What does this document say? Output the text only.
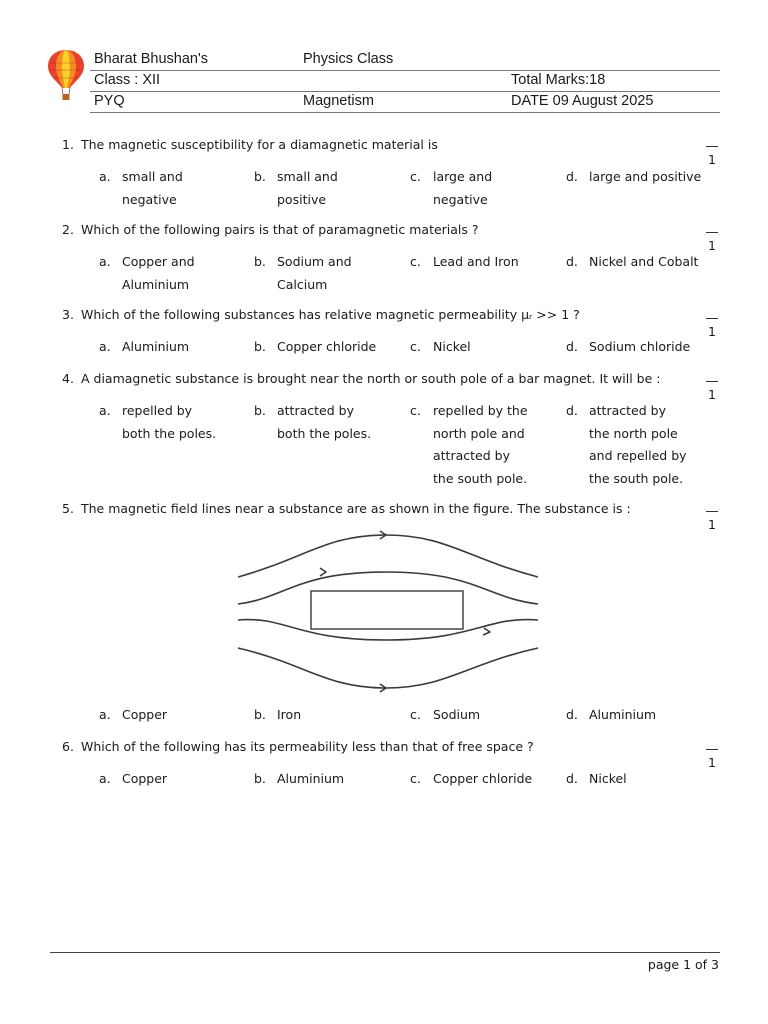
Bharat Bhushan's	Physics Class
Class : XII	Total Marks:18
PYQ	Magnetism	DATE 09 August 2025
1. The magnetic susceptibility for a diamagnetic material is
a. small and negative
b. small and positive
c. large and negative
d. large and positive
1
2. Which of the following pairs is that of paramagnetic materials ?
a. Copper and Aluminium
b. Sodium and Calcium
c. Lead and Iron	d. Nickel and Cobalt
1
3. Which of the following substances has relative magnetic permeability μᵣ >> 1 ?
a. Aluminium	b. Copper chloride	c. Nickel	d. Sodium chloride
1
4. A diamagnetic substance is brought near the north or south pole of a bar magnet. It will be :
a. repelled by both the poles.
b. attracted by both the poles.
c. repelled by the north pole and attracted by the south pole.
d. attracted by the north pole and repelled by the south pole.
1
5. The magnetic field lines near a substance are as shown in the figure. The substance is :
1
a. Copper	b. Iron	c. Sodium	d. Aluminium
6. Which of the following has its permeability less than that of free space ?
a. Copper	b. Aluminium	c. Copper chloride	d. Nickel
1
page 1 of 3
